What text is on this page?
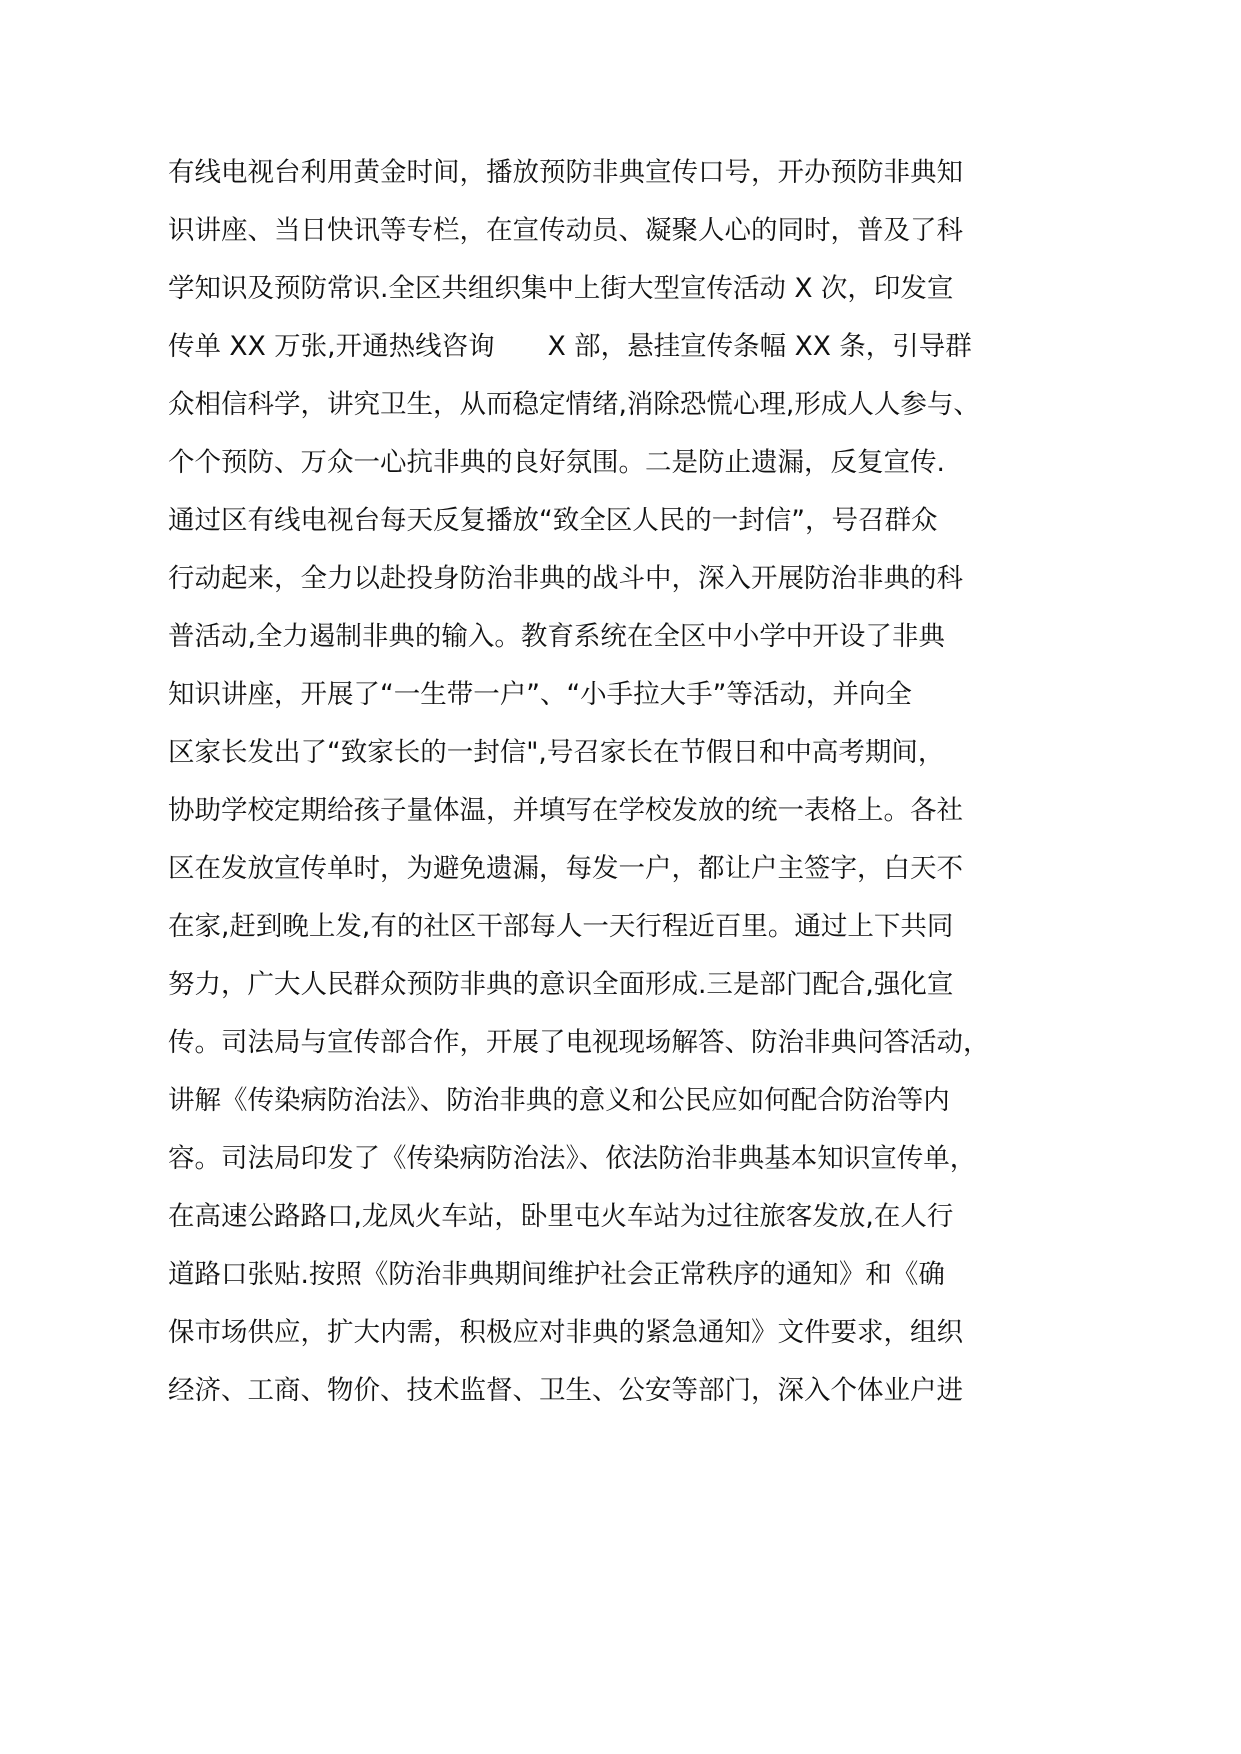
有线电视台利用黄金时间，播放预防非典宣传口号，开办预防非典知
识讲座、当日快讯等专栏，在宣传动员、凝聚人心的同时，普及了科
学知识及预防常识.全区共组织集中上街大型宣传活动 X 次，印发宣
传单 XX 万张,开通热线咨询　　X 部，悬挂宣传条幅 XX 条，引导群
众相信科学，讲究卫生，从而稳定情绪,消除恐慌心理,形成人人参与、
个个预防、万众一心抗非典的良好氛围。二是防止遗漏，反复宣传.
通过区有线电视台每天反复播放“致全区人民的一封信”，号召群众
行动起来，全力以赴投身防治非典的战斗中，深入开展防治非典的科
普活动,全力遏制非典的输入。教育系统在全区中小学中开设了非典
知识讲座，开展了“一生带一户”、“小手拉大手”等活动，并向全
区家长发出了“致家长的一封信",号召家长在节假日和中高考期间，
协助学校定期给孩子量体温，并填写在学校发放的统一表格上。各社
区在发放宣传单时，为避免遗漏，每发一户，都让户主签字，白天不
在家,赶到晚上发,有的社区干部每人一天行程近百里。通过上下共同
努力，广大人民群众预防非典的意识全面形成.三是部门配合,强化宣
传。司法局与宣传部合作，开展了电视现场解答、防治非典问答活动，
讲解《传染病防治法》、防治非典的意义和公民应如何配合防治等内
容。司法局印发了《传染病防治法》、依法防治非典基本知识宣传单，
在高速公路路口,龙凤火车站，卧里屯火车站为过往旅客发放,在人行
道路口张贴.按照《防治非典期间维护社会正常秩序的通知》和《确
保市场供应，扩大内需，积极应对非典的紧急通知》文件要求，组织
经济、工商、物价、技术监督、卫生、公安等部门，深入个体业户进
